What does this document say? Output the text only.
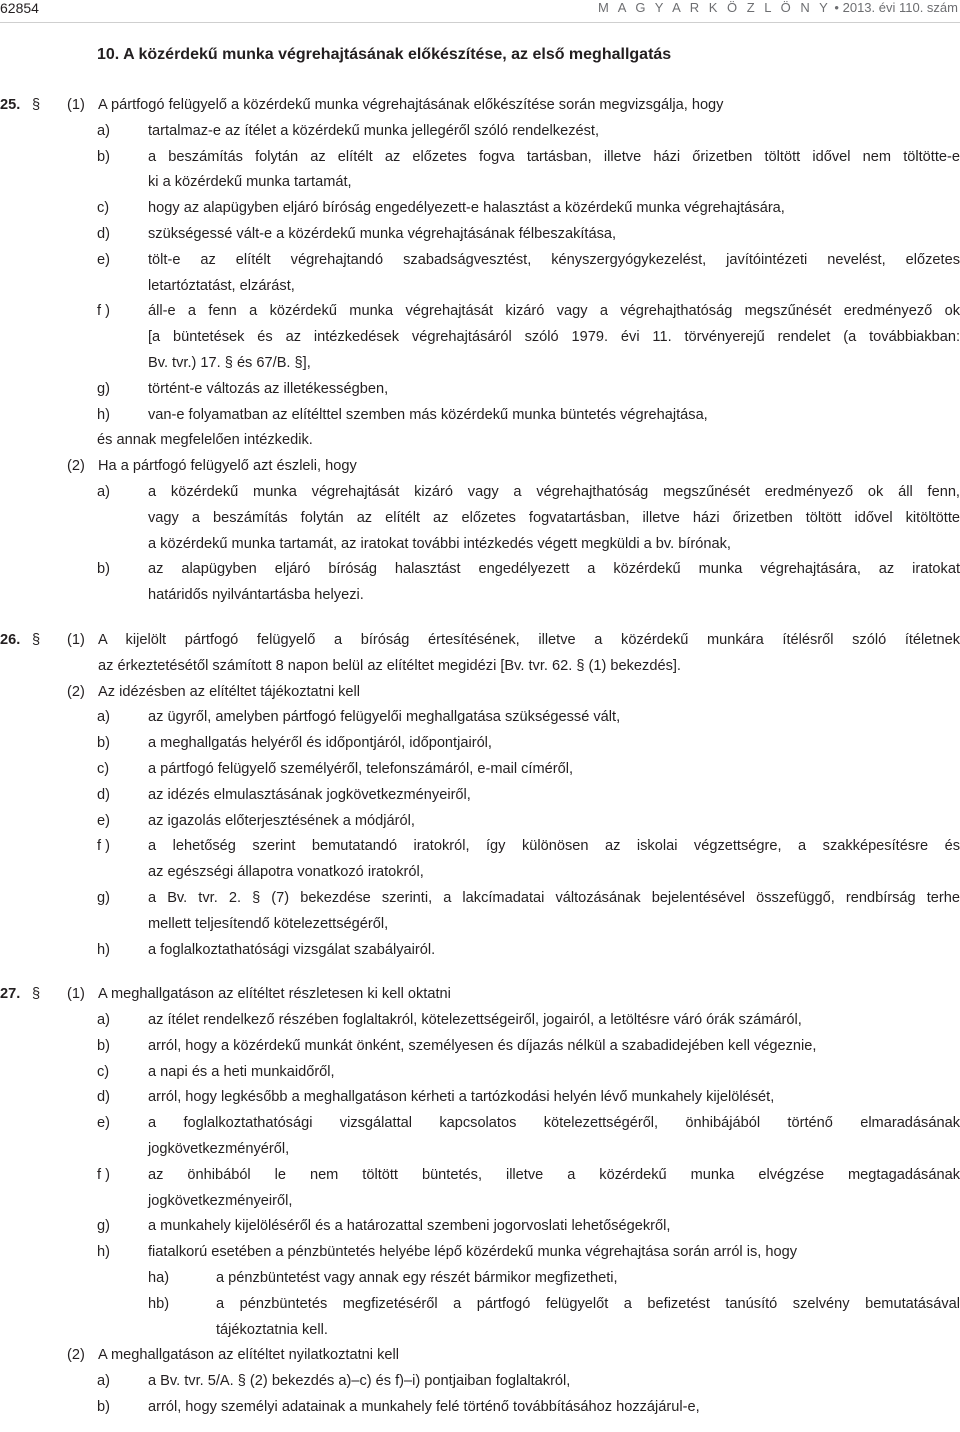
62854	M A G Y A R K Ö Z L Ö N Y • 2013. évi 110. szám
10. A közérdekű munka végrehajtásának előkészítése, az első meghallgatás
25. § (1) A pártfogó felügyelő a közérdekű munka végrehajtásának előkészítése során megvizsgálja, hogy
a)	tartalmaz-e az ítélet a közérdekű munka jellegéről szóló rendelkezést,
b)	a beszámítás folytán az elítélt az előzetes fogva tartásban, illetve házi őrizetben töltött idővel nem töltötte-e
ki a közérdekű munka tartamát,
c)	hogy az alapügyben eljáró bíróság engedélyezett-e halasztást a közérdekű munka végrehajtására,
d)	szükségessé vált-e a közérdekű munka végrehajtásának félbeszakítása,
e)	tölt-e az elítélt végrehajtandó szabadságvesztést, kényszergyógykezelést, javítóintézeti nevelést, előzetes
letartóztatást, elzárást,
f )	áll-e a fenn a közérdekű munka végrehajtását kizáró vagy a végrehajthatóság megszűnését eredményező ok
[a büntetések és az intézkedések végrehajtásáról szóló 1979. évi 11. törvényerejű rendelet (a továbbiakban:
Bv. tvr.) 17. § és 67/B. §],
g)	történt-e változás az illetékességben,
h)	van-e folyamatban az elítélttel szemben más közérdekű munka büntetés végrehajtása,
és annak megfelelően intézkedik.
(2) Ha a pártfogó felügyelő azt észleli, hogy
a)	a közérdekű munka végrehajtását kizáró vagy a végrehajthatóság megszűnését eredményező ok áll fenn,
vagy a beszámítás folytán az elítélt az előzetes fogvatartásban, illetve házi őrizetben töltött idővel kitöltötte
a közérdekű munka tartamát, az iratokat további intézkedés végett megküldi a bv. bírónak,
b)	az alapügyben eljáró bíróság halasztást engedélyezett a közérdekű munka végrehajtására, az iratokat
határidős nyilvántartásba helyezi.
26. § (1) A kijelölt pártfogó felügyelő a bíróság értesítésének, illetve a közérdekű munkára ítélésről szóló ítéletnek
az érkeztetésétől számított 8 napon belül az elítéltet megidézi [Bv. tvr. 62. § (1) bekezdés].
(2) Az idézésben az elítéltet tájékoztatni kell
a)	az ügyről, amelyben pártfogó felügyelői meghallgatása szükségessé vált,
b)	a meghallgatás helyéről és időpontjáról, időpontjairól,
c)	a pártfogó felügyelő személyéről, telefonszámáról, e-mail címéről,
d)	az idézés elmulasztásának jogkövetkezményeiről,
e)	az igazolás előterjesztésének a módjáról,
f )	a lehetőség szerint bemutatandó iratokról, így különösen az iskolai végzettségre, a szakképesítésre és
az egészségi állapotra vonatkozó iratokról,
g)	a Bv. tvr. 2. § (7) bekezdése szerinti, a lakcímadatai változásának bejelentésével összefüggő, rendbírság terhe
mellett teljesítendő kötelezettségéről,
h)	a foglalkoztathatósági vizsgálat szabályairól.
27. § (1) A meghallgatáson az elítéltet részletesen ki kell oktatni
a)	az ítélet rendelkező részében foglaltakról, kötelezettségeiről, jogairól, a letöltésre váró órák számáról,
b)	arról, hogy a közérdekű munkát önként, személyesen és díjazás nélkül a szabadidejében kell végeznie,
c)	a napi és a heti munkaidőről,
d)	arról, hogy legkésőbb a meghallgatáson kérheti a tartózkodási helyén lévő munkahely kijelölését,
e)	a foglalkoztathatósági vizsgálattal kapcsolatos kötelezettségéről, önhibájából történő elmaradásának
jogkövetkezményéről,
f )	az önhibából le nem töltött büntetés, illetve a közérdekű munka elvégzése megtagadásának
jogkövetkezményeiről,
g)	a munkahely kijelöléséről és a határozattal szembeni jogorvoslati lehetőségekről,
h)	fiatalkorú esetében a pénzbüntetés helyébe lépő közérdekű munka végrehajtása során arról is, hogy
ha)	a pénzbüntetést vagy annak egy részét bármikor megfizetheti,
hb)	a pénzbüntetés megfizetéséről a pártfogó felügyelőt a befizetést tanúsító szelvény bemutatásával
tájékoztatnia kell.
(2) A meghallgatáson az elítéltet nyilatkoztatni kell
a)	a Bv. tvr. 5/A. § (2) bekezdés a)–c) és f)–i) pontjaiban foglaltakról,
b)	arról, hogy személyi adatainak a munkahely felé történő továbbításához hozzájárul-e,
